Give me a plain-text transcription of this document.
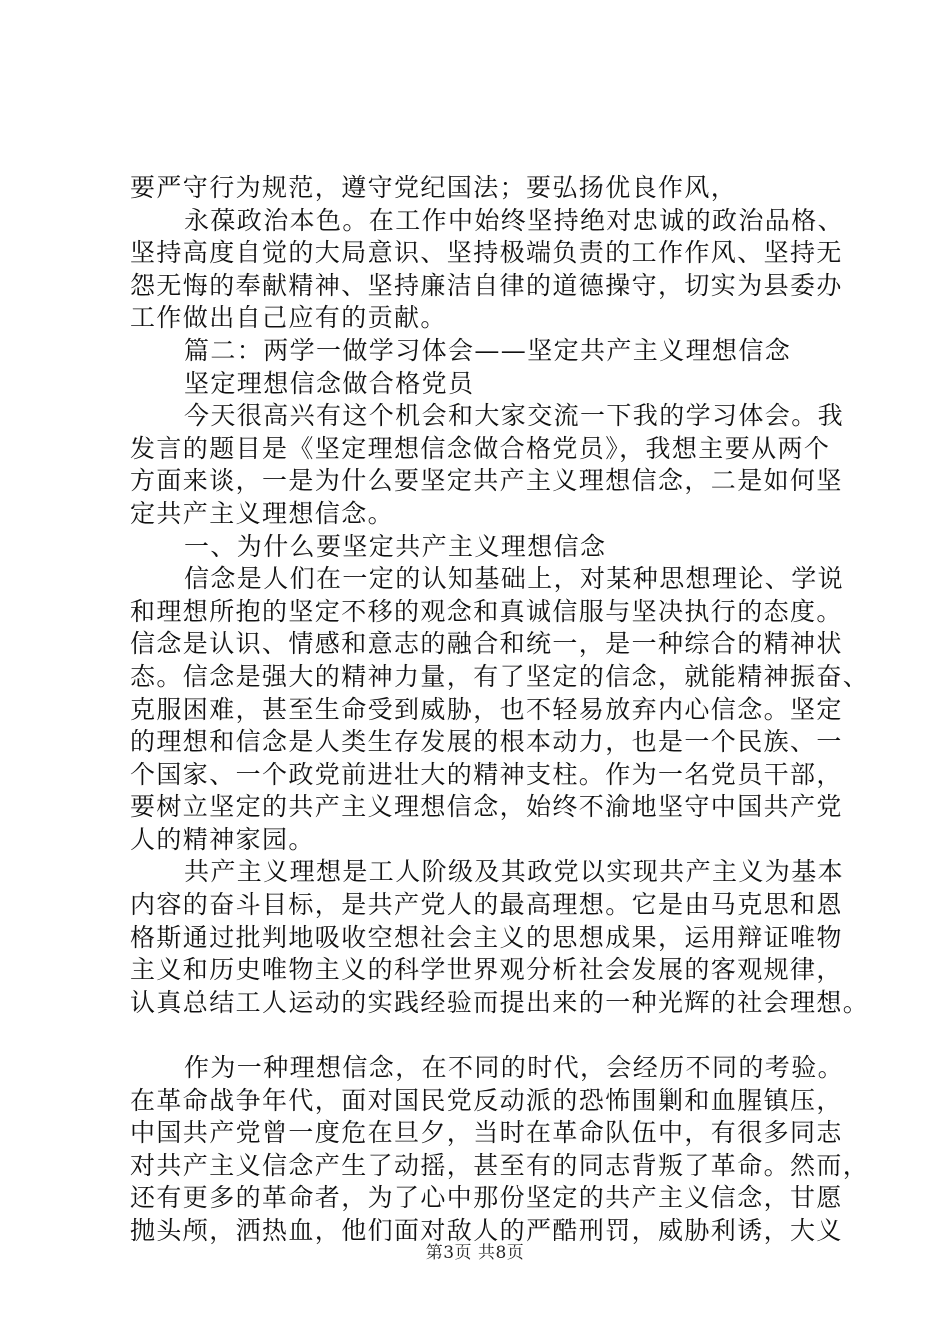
要严守行为规范，遵守党纪国法；要弘扬优良作风，
永葆政治本色。在工作中始终坚持绝对忠诚的政治品格、
坚持高度自觉的大局意识、坚持极端负责的工作作风、坚持无
怨无悔的奉献精神、坚持廉洁自律的道德操守，切实为县委办
工作做出自己应有的贡献。
篇二：两学一做学习体会——坚定共产主义理想信念
坚定理想信念做合格党员
今天很高兴有这个机会和大家交流一下我的学习体会。我
发言的题目是《坚定理想信念做合格党员》，我想主要从两个
方面来谈，一是为什么要坚定共产主义理想信念，二是如何坚
定共产主义理想信念。
一、为什么要坚定共产主义理想信念
信念是人们在一定的认知基础上，对某种思想理论、学说
和理想所抱的坚定不移的观念和真诚信服与坚决执行的态度。
信念是认识、情感和意志的融合和统一，是一种综合的精神状
态。信念是强大的精神力量，有了坚定的信念，就能精神振奋、
克服困难，甚至生命受到威胁，也不轻易放弃内心信念。坚定
的理想和信念是人类生存发展的根本动力，也是一个民族、一
个国家、一个政党前进壮大的精神支柱。作为一名党员干部，
要树立坚定的共产主义理想信念，始终不渝地坚守中国共产党
人的精神家园。
共产主义理想是工人阶级及其政党以实现共产主义为基本
内容的奋斗目标，是共产党人的最高理想。它是由马克思和恩
格斯通过批判地吸收空想社会主义的思想成果，运用辩证唯物
主义和历史唯物主义的科学世界观分析社会发展的客观规律，
认真总结工人运动的实践经验而提出来的一种光辉的社会理想。
作为一种理想信念，在不同的时代，会经历不同的考验。
在革命战争年代，面对国民党反动派的恐怖围剿和血腥镇压，
中国共产党曾一度危在旦夕，当时在革命队伍中，有很多同志
对共产主义信念产生了动摇，甚至有的同志背叛了革命。然而，
还有更多的革命者，为了心中那份坚定的共产主义信念，甘愿
抛头颅，洒热血，他们面对敌人的严酷刑罚，威胁利诱，大义
第3页 共8页
